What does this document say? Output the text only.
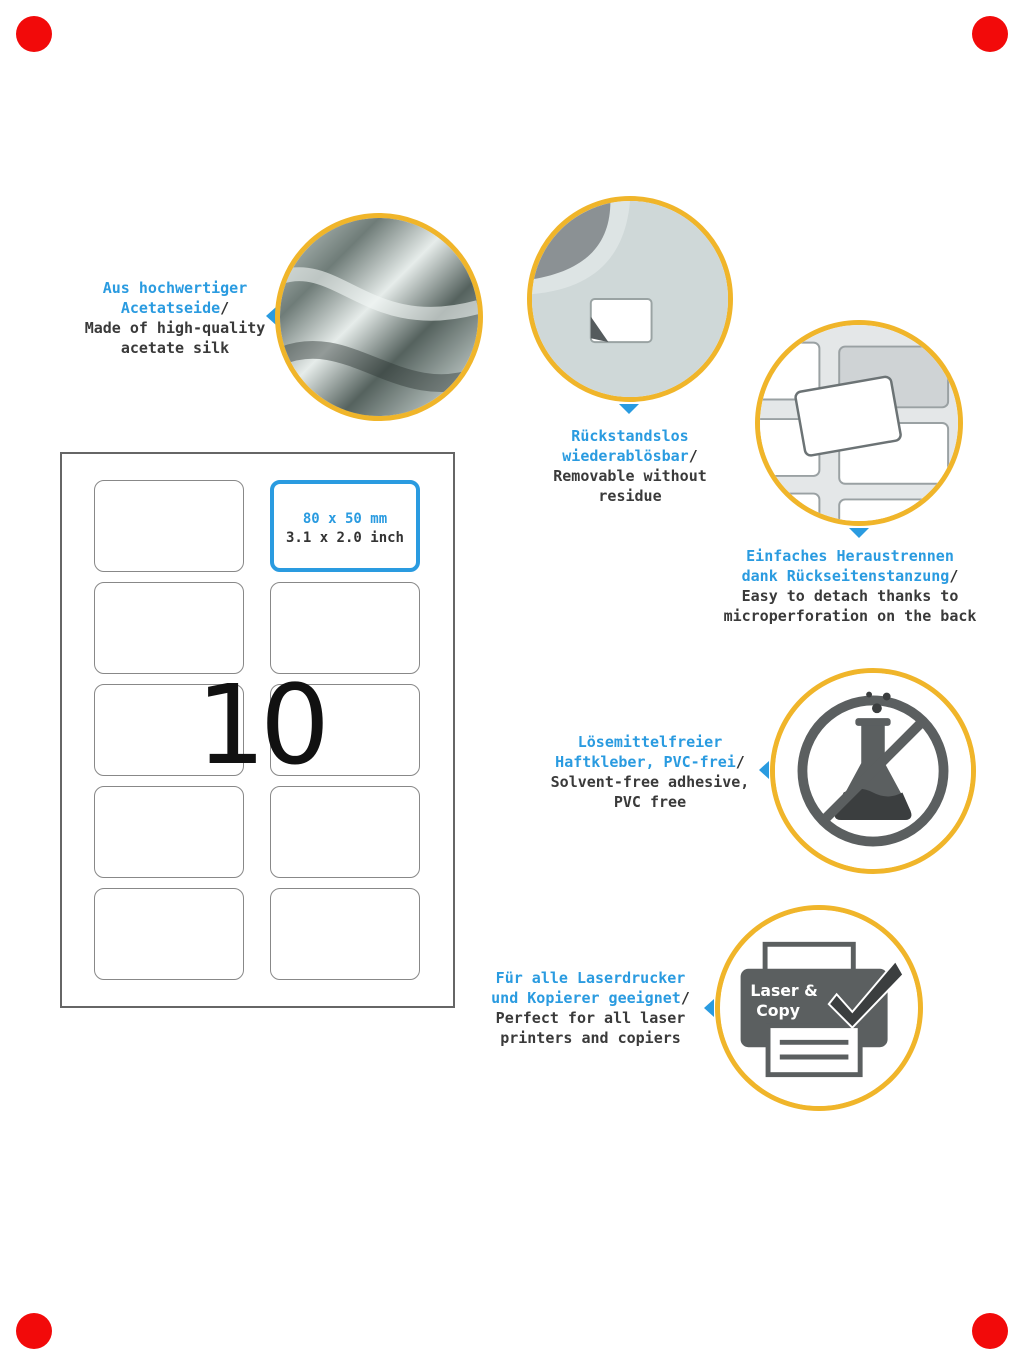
Aus hochwertiger
Acetatseide/
Made of high-quality
acetate silk
Rückstandslos
wiederablösbar/
Removable without
residue
Einfaches Heraustrennen
dank Rückseitenstanzung/
Easy to detach thanks to
microperforation on the back
Lösemittelfreier
Haftkleber, PVC-frei/
Solvent-free adhesive,
PVC free
Für alle Laserdrucker
und Kopierer geeignet/
Perfect for all laser
printers and copiers
Laser &
Copy
80 x 50 mm
3.1 x 2.0 inch
10
